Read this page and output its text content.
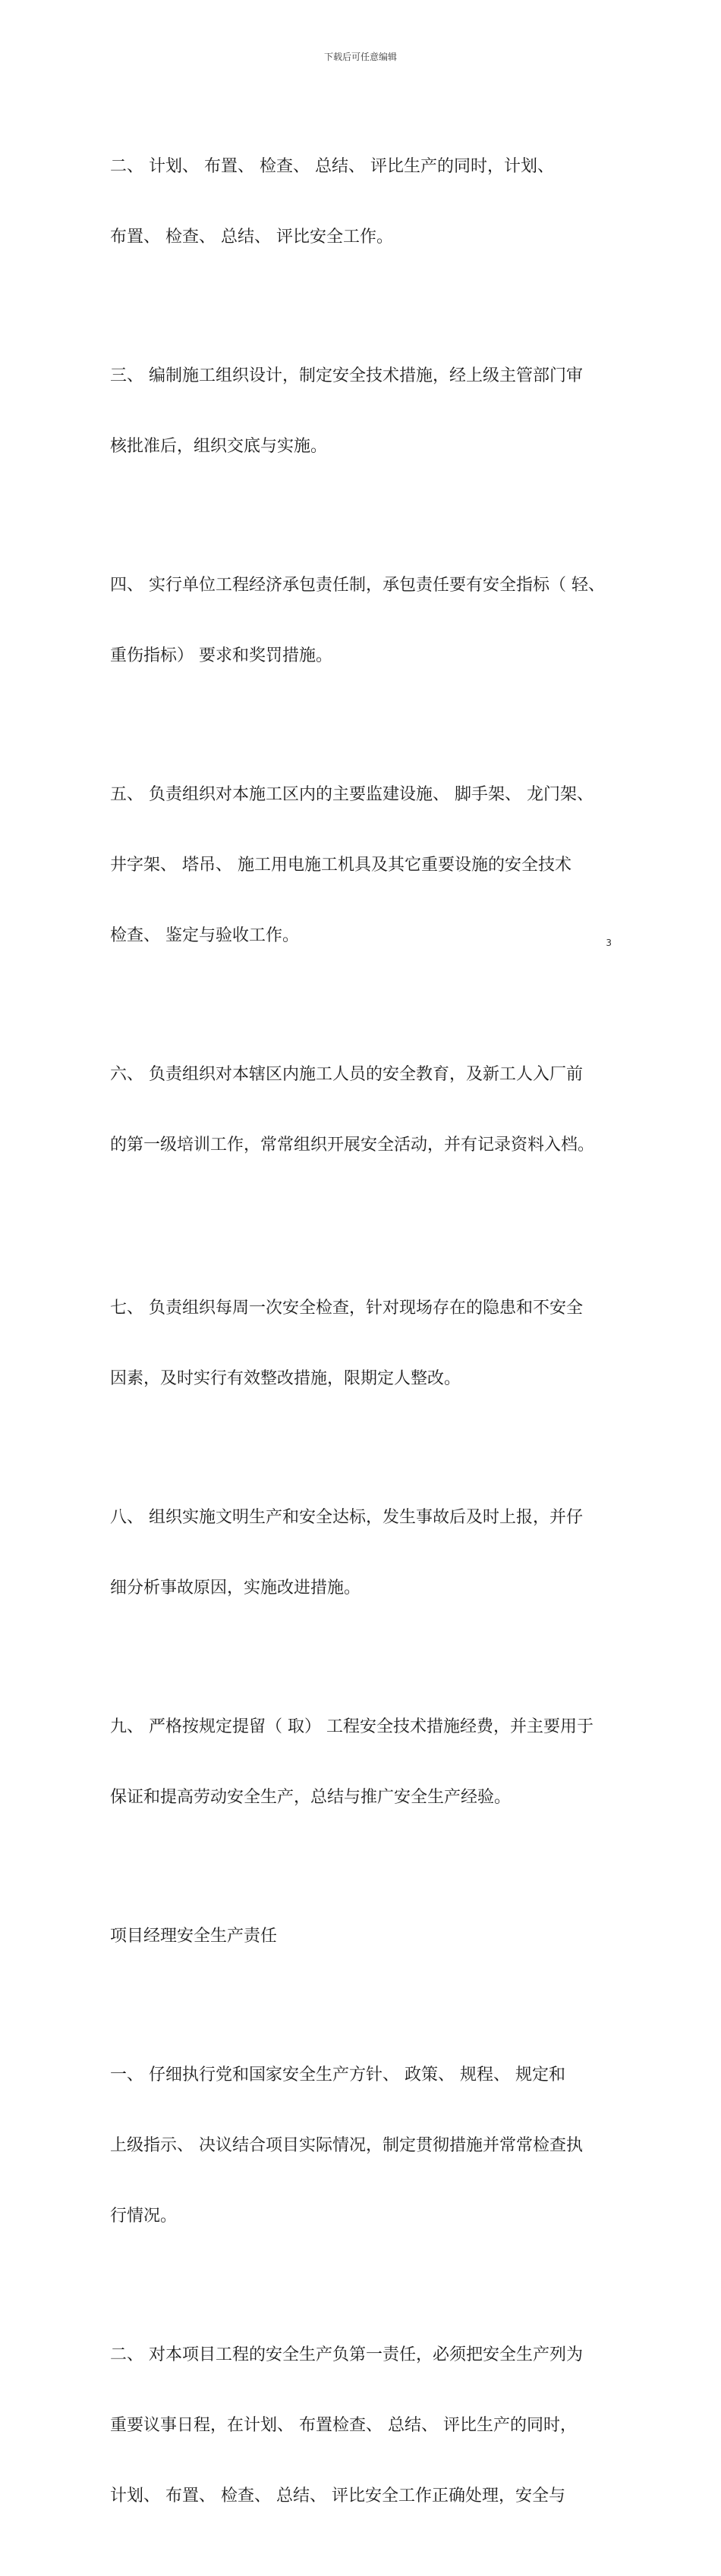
下载后可任意编辑

二、 计划、 布置、 检查、 总结、 评比生产的同时，计划、

布置、 检查、 总结、 评比安全工作。

三、 编制施工组织设计，制定安全技术措施，经上级主管部门审

核批准后，组织交底与实施。

四、 实行单位工程经济承包责任制，承包责任要有安全指标（ 轻、

重伤指标） 要求和奖罚措施。

五、 负责组织对本施工区内的主要监建设施、 脚手架、 龙门架、

井字架、 塔吊、 施工用电施工机具及其它重要设施的安全技术

检查、 鉴定与验收工作。

六、 负责组织对本辖区内施工人员的安全教育，及新工人入厂前

的第一级培训工作，常常组织开展安全活动，并有记录资料入档。

七、 负责组织每周一次安全检查，针对现场存在的隐患和不安全

因素，及时实行有效整改措施，限期定人整改。

八、 组织实施文明生产和安全达标，发生事故后及时上报，并仔

细分析事故原因，实施改进措施。

九、 严格按规定提留（ 取） 工程安全技术措施经费，并主要用于

保证和提高劳动安全生产，总结与推广安全生产经验。

项目经理安全生产责任

一、 仔细执行党和国家安全生产方针、 政策、 规程、 规定和

上级指示、 决议结合项目实际情况，制定贯彻措施并常常检查执

行情况。

二、 对本项目工程的安全生产负第一责任，必须把安全生产列为

重要议事日程，在计划、 布置检查、 总结、 评比生产的同时，

计划、 布置、 检查、 总结、 评比安全工作正确处理，安全与

3
